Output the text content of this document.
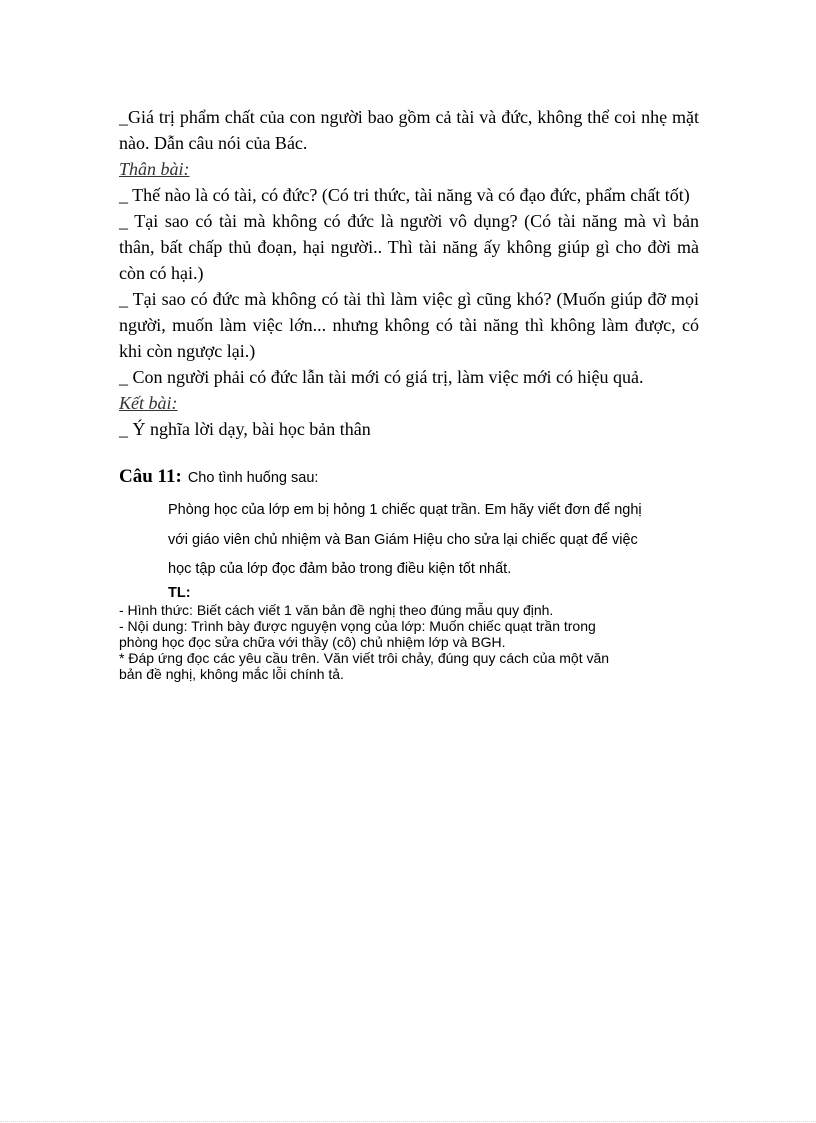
_Giá trị phẩm chất của con người bao gồm cả tài và đức, không thể coi nhẹ mặt nào. Dẫn câu nói của Bác.

Thân bài:

_ Thế nào là có tài, có đức? (Có tri thức, tài năng và có đạo đức, phẩm chất tốt)

_ Tại sao có tài mà không có đức là người vô dụng? (Có tài năng mà vì bản thân, bất chấp thủ đoạn, hại người.. Thì tài năng ấy không giúp gì cho đời mà còn có hại.)

_ Tại sao có đức mà không có tài thì làm việc gì cũng khó? (Muốn giúp đỡ mọi người, muốn làm việc lớn... nhưng không có tài năng thì không làm được, có khi còn ngược lại.)

_ Con người phải có đức lẫn tài mới có giá trị, làm việc mới có hiệu quả.

Kết bài:

_ Ý nghĩa lời dạy, bài học bản thân

Câu 11: Cho tình huống sau:

Phòng học của lớp em bị hỏng 1 chiếc quạt trần. Em hãy viết đơn để nghị

với giáo viên chủ nhiệm và Ban Giám Hiệu cho sửa lại chiếc quạt để việc

học tập của lớp đọc đảm bảo trong điều kiện tốt nhất.

TL:

- Hình thức: Biết cách viết 1 văn bản đề nghị theo đúng mẫu quy định.

- Nội dung: Trình bày được nguyện vọng của lớp: Muốn chiếc quạt trần trong

phòng học đọc sửa chữa với thầy (cô) chủ nhiệm lớp và BGH.

* Đáp ứng đọc các yêu cầu trên. Văn viết trôi chảy, đúng quy cách của một văn

bản đề nghị, không mắc lỗi chính tả.
